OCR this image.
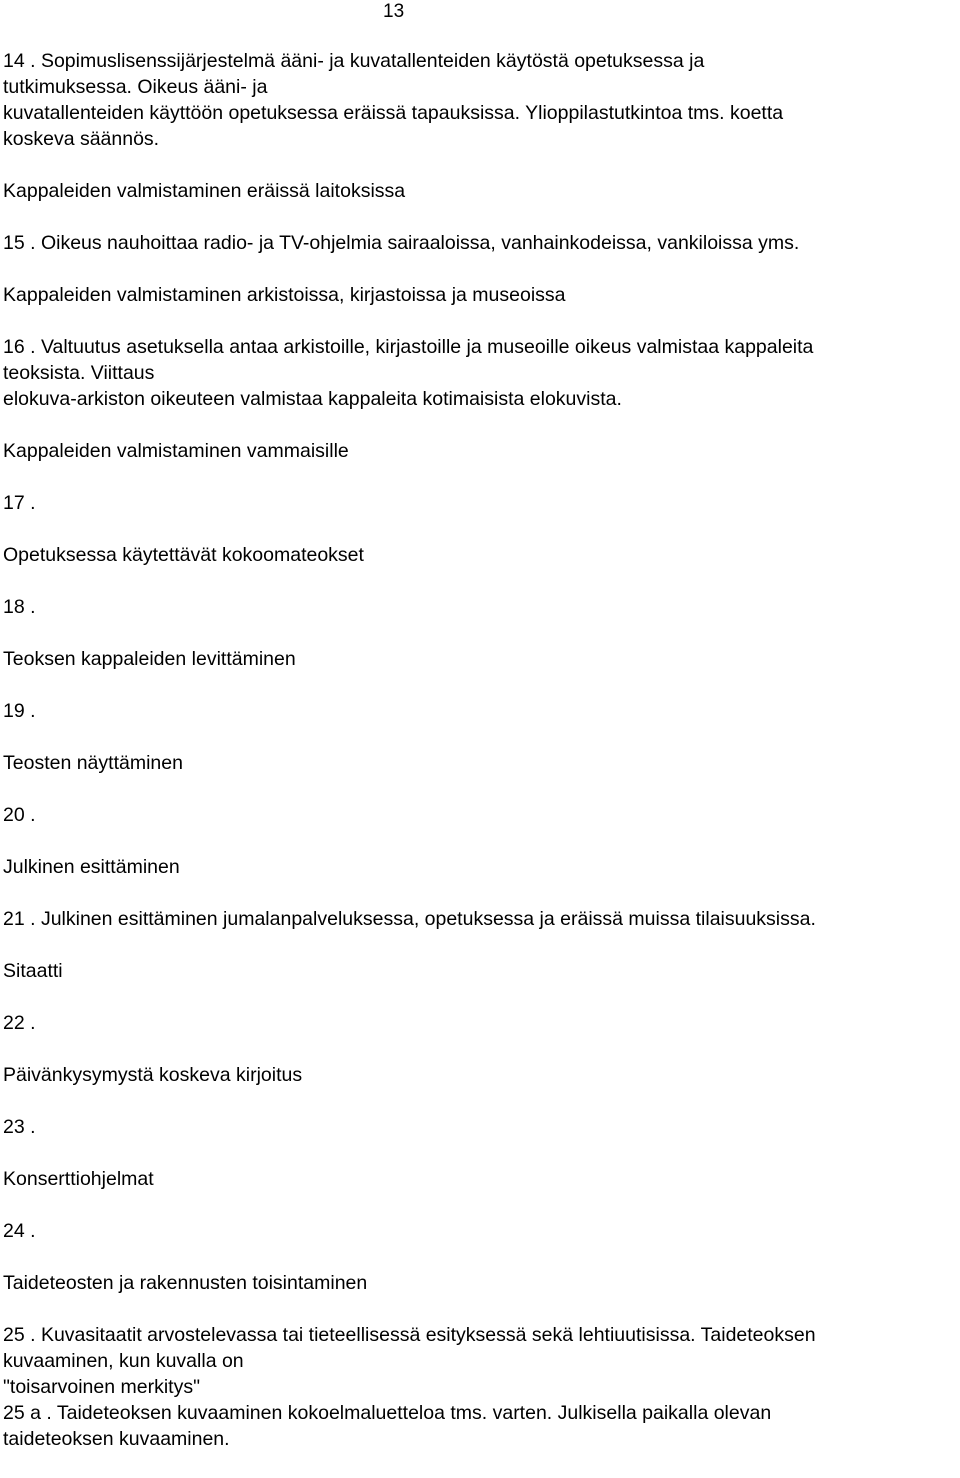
13
14 . Sopimuslisenssijärjestelmä ääni- ja kuvatallenteiden käytöstä opetuksessa ja
tutkimuksessa. Oikeus ääni- ja
kuvatallenteiden käyttöön opetuksessa eräissä tapauksissa. Ylioppilastutkintoa tms. koetta
koskeva säännös.
Kappaleiden valmistaminen eräissä laitoksissa
15 . Oikeus nauhoittaa radio- ja TV-ohjelmia sairaaloissa, vanhainkodeissa, vankiloissa yms.
Kappaleiden valmistaminen arkistoissa, kirjastoissa ja museoissa
16 . Valtuutus asetuksella antaa arkistoille, kirjastoille ja museoille oikeus valmistaa kappaleita
teoksista. Viittaus
elokuva-arkiston oikeuteen valmistaa kappaleita kotimaisista elokuvista.
Kappaleiden valmistaminen vammaisille
17 .
Opetuksessa käytettävät kokoomateokset
18 .
Teoksen kappaleiden levittäminen
19 .
Teosten näyttäminen
20 .
Julkinen esittäminen
21 . Julkinen esittäminen jumalanpalveluksessa, opetuksessa ja eräissä muissa tilaisuuksissa.
Sitaatti
22 .
Päivänkysymystä koskeva kirjoitus
23 .
Konserttiohjelmat
24 .
Taideteosten ja rakennusten toisintaminen
25 . Kuvasitaatit arvostelevassa tai tieteellisessä esityksessä sekä lehtiuutisissa. Taideteoksen
kuvaaminen, kun kuvalla on
"toisarvoinen merkitys"
25 a . Taideteoksen kuvaaminen kokoelmaluetteloa tms. varten. Julkisella paikalla olevan
taideteoksen kuvaaminen.
